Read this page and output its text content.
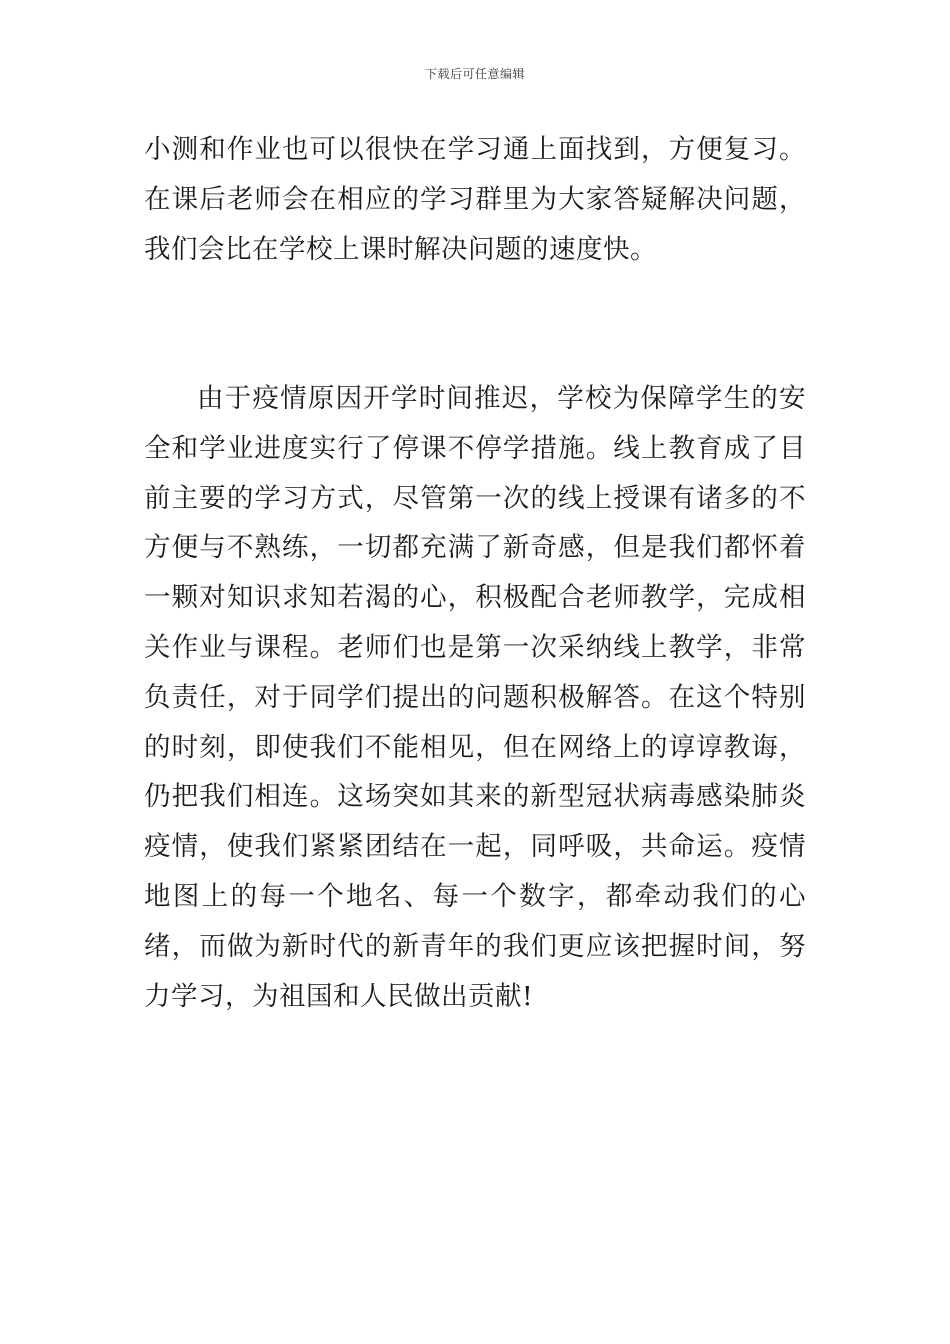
下载后可任意编辑

小测和作业也可以很快在学习通上面找到，方便复习。在课后老师会在相应的学习群里为大家答疑解决问题，我们会比在学校上课时解决问题的速度快。

由于疫情原因开学时间推迟，学校为保障学生的安全和学业进度实行了停课不停学措施。线上教育成了目前主要的学习方式，尽管第一次的线上授课有诸多的不方便与不熟练，一切都充满了新奇感，但是我们都怀着一颗对知识求知若渴的心，积极配合老师教学，完成相关作业与课程。老师们也是第一次采纳线上教学，非常负责任，对于同学们提出的问题积极解答。在这个特别的时刻，即使我们不能相见，但在网络上的谆谆教诲，仍把我们相连。这场突如其来的新型冠状病毒感染肺炎疫情，使我们紧紧团结在一起，同呼吸，共命运。疫情地图上的每一个地名、每一个数字，都牵动我们的心绪，而做为新时代的新青年的我们更应该把握时间，努力学习，为祖国和人民做出贡献!
